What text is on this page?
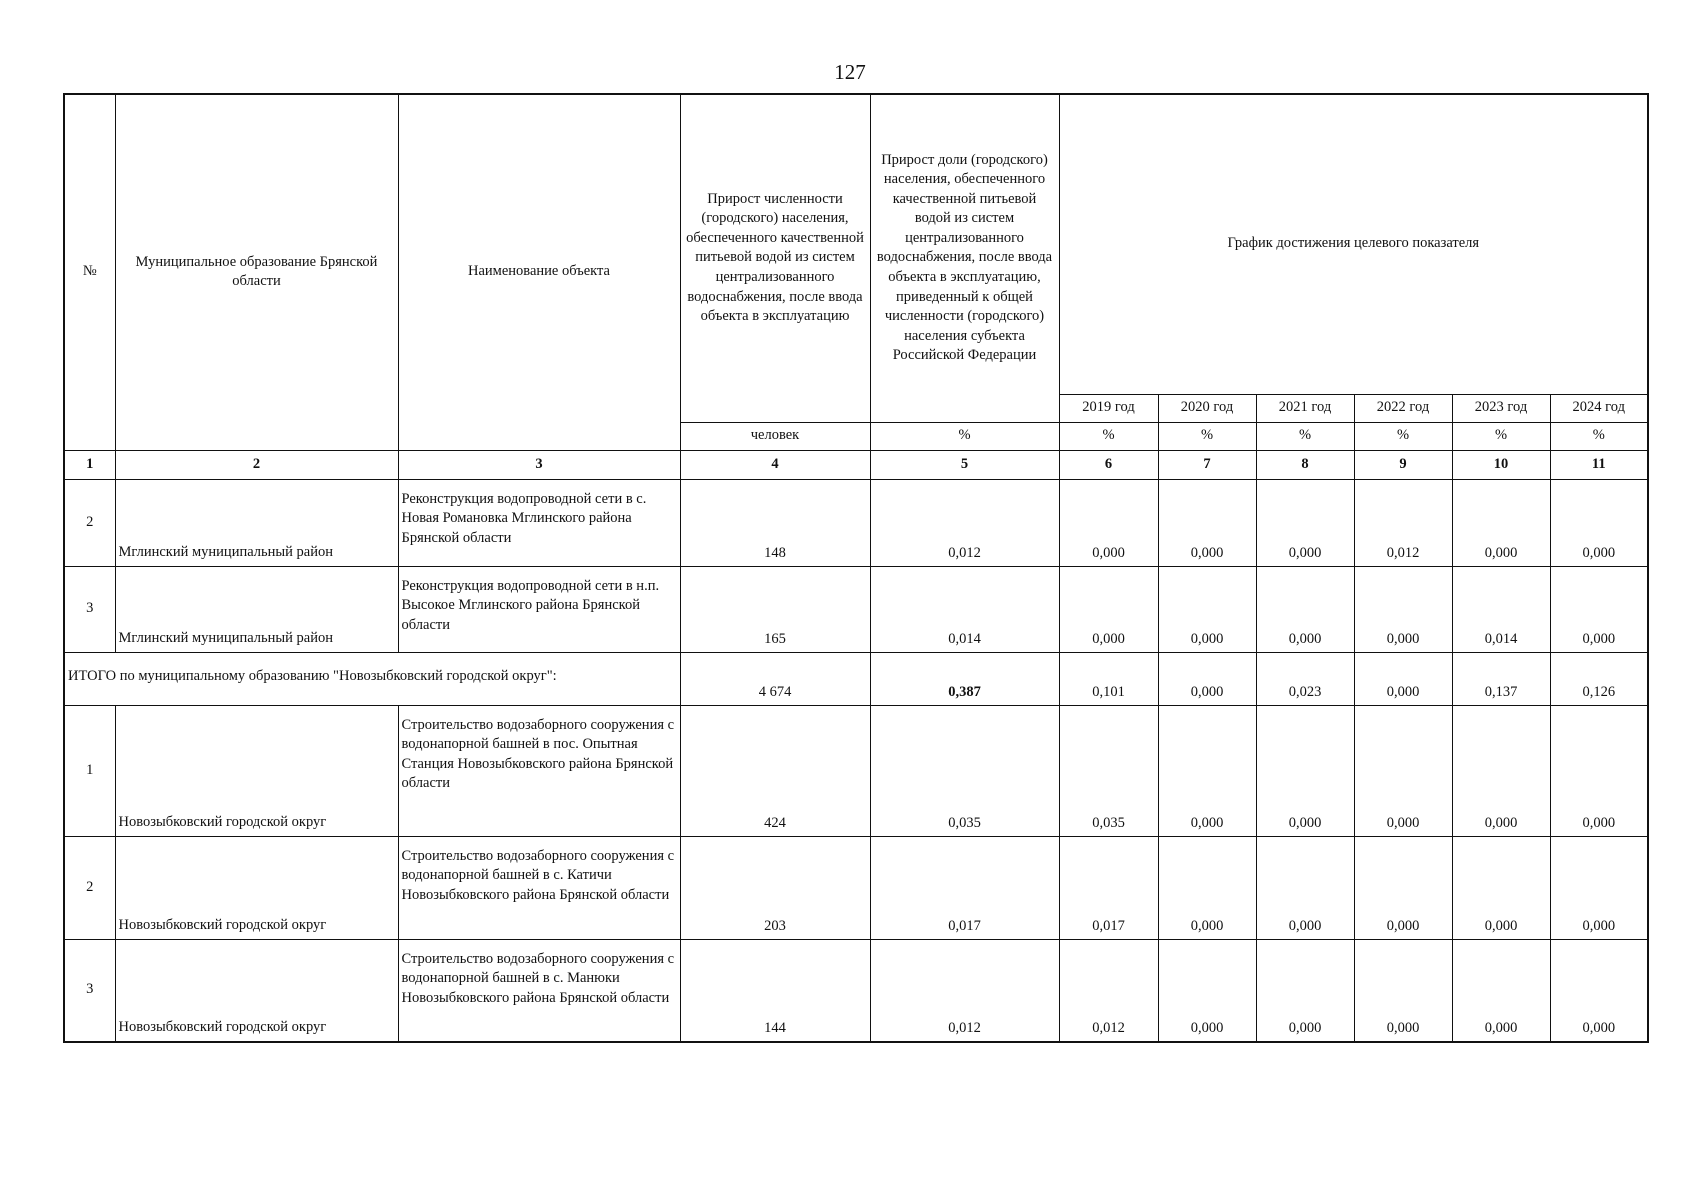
127
№	Муниципальное образование Брянской области	Наименование объекта	Прирост численности (городского) населения, обеспеченного качественной питьевой водой из систем централизованного водоснабжения, после ввода объекта в эксплуатацию	Прирост доли (городского) населения, обеспеченного качественной питьевой водой из систем централизованного водоснабжения, после ввода объекта в эксплуатацию, приведенный к общей численности (городского) населения субъекта Российской Федерации	График достижения целевого показателя					
					2019 год	2020 год	2021 год	2022 год	2023 год	2024 год
			человек	%	%	%	%	%	%	%
1	2	3	4	5	6	7	8	9	10	11
2	Мглинский муниципальный район	Реконструкция водопроводной сети в с. Новая Романовка Мглинского района Брянской области	148	0,012	0,000	0,000	0,000	0,012	0,000	0,000
3	Мглинский муниципальный район	Реконструкция водопроводной сети в н.п. Высокое Мглинского района Брянской области	165	0,014	0,000	0,000	0,000	0,000	0,014	0,000
ИТОГО по муниципальному образованию "Новозыбковский городской округ":			4 674	0,387	0,101	0,000	0,023	0,000	0,137	0,126
1	Новозыбковский городской округ	Строительство водозаборного сооружения с водонапорной башней в пос. Опытная Станция Новозыбковского района Брянской области	424	0,035	0,035	0,000	0,000	0,000	0,000	0,000
2	Новозыбковский городской округ	Строительство водозаборного сооружения с водонапорной башней в с. Катичи Новозыбковского района Брянской области	203	0,017	0,017	0,000	0,000	0,000	0,000	0,000
3	Новозыбковский городской округ	Строительство водозаборного сооружения с водонапорной башней в с. Манюки Новозыбковского района Брянской области	144	0,012	0,012	0,000	0,000	0,000	0,000	0,000
